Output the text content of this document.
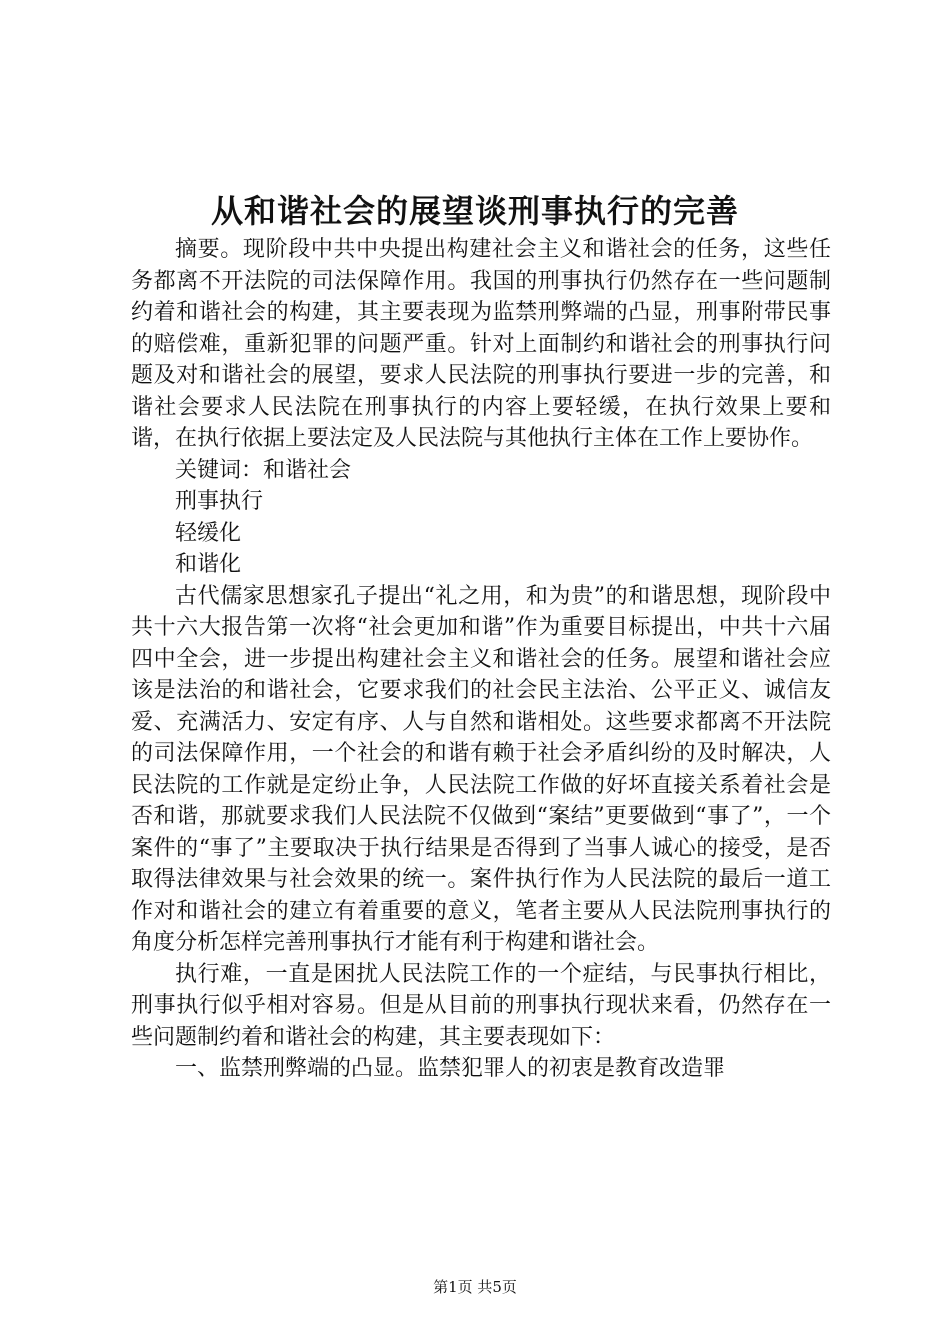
从和谐社会的展望谈刑事执行的完善

摘要。现阶段中共中央提出构建社会主义和谐社会的任务，这些任务都离不开法院的司法保障作用。我国的刑事执行仍然存在一些问题制约着和谐社会的构建，其主要表现为监禁刑弊端的凸显，刑事附带民事的赔偿难，重新犯罪的问题严重。针对上面制约和谐社会的刑事执行问题及对和谐社会的展望，要求人民法院的刑事执行要进一步的完善，和谐社会要求人民法院在刑事执行的内容上要轻缓，在执行效果上要和谐，在执行依据上要法定及人民法院与其他执行主体在工作上要协作。

关键词：和谐社会

刑事执行

轻缓化

和谐化

古代儒家思想家孔子提出“礼之用，和为贵”的和谐思想，现阶段中共十六大报告第一次将“社会更加和谐”作为重要目标提出，中共十六届四中全会，进一步提出构建社会主义和谐社会的任务。展望和谐社会应该是法治的和谐社会，它要求我们的社会民主法治、公平正义、诚信友爱、充满活力、安定有序、人与自然和谐相处。这些要求都离不开法院的司法保障作用，一个社会的和谐有赖于社会矛盾纠纷的及时解决，人民法院的工作就是定纷止争，人民法院工作做的好坏直接关系着社会是否和谐，那就要求我们人民法院不仅做到“案结”更要做到“事了”，一个案件的“事了”主要取决于执行结果是否得到了当事人诚心的接受，是否取得法律效果与社会效果的统一。案件执行作为人民法院的最后一道工作对和谐社会的建立有着重要的意义，笔者主要从人民法院刑事执行的角度分析怎样完善刑事执行才能有利于构建和谐社会。

执行难，一直是困扰人民法院工作的一个症结，与民事执行相比，刑事执行似乎相对容易。但是从目前的刑事执行现状来看，仍然存在一些问题制约着和谐社会的构建，其主要表现如下：

一、监禁刑弊端的凸显。监禁犯罪人的初衷是教育改造罪

第1页 共5页
